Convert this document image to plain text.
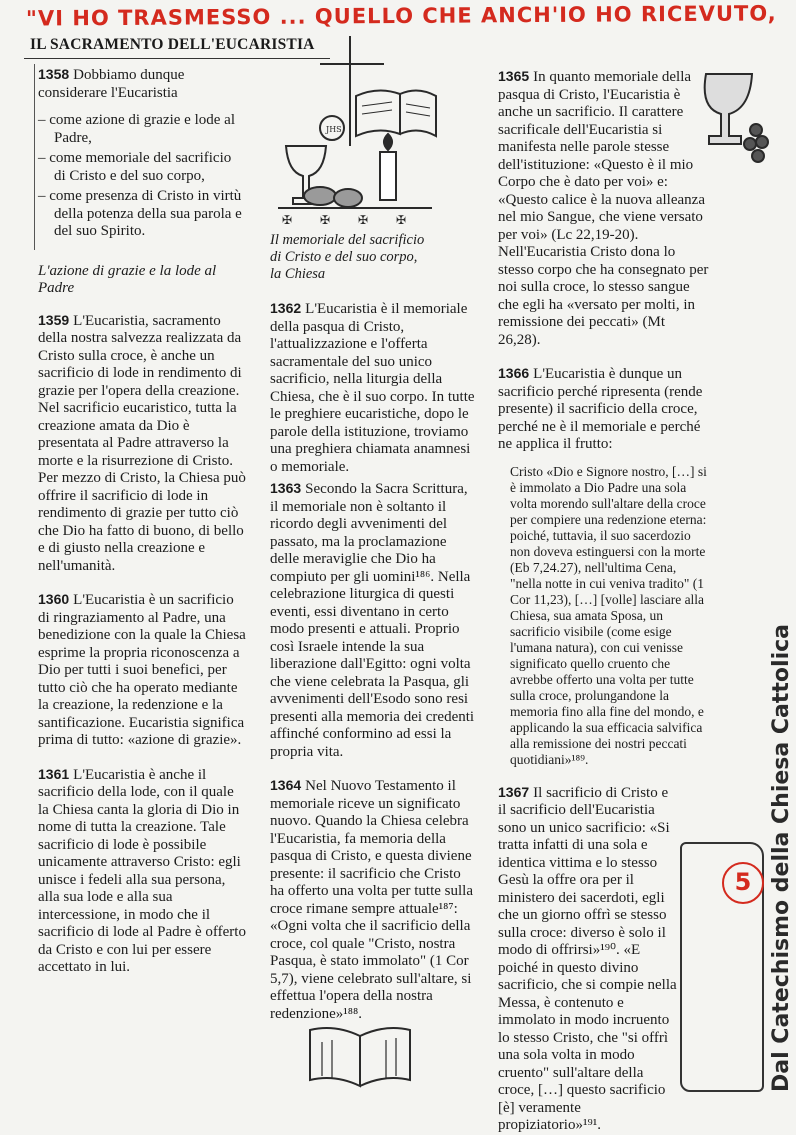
"VI HO TRASMESSO ... QUELLO CHE ANCH'IO HO RICEVUTO,
IL SACRAMENTO DELL'EUCARISTIA
JHS
✠ ✠ ✠ ✠
Il memoriale del sacrificio
di Cristo e del suo corpo,
la Chiesa

1358 Dobbiamo dunque considerare l'Eucaristia

– come azione di grazie e lode al Padre,
– come memoriale del sacrificio di Cristo e del suo corpo,
– come presenza di Cristo in virtù della potenza della sua parola e del suo Spirito.

L'azione di grazie e la lode al Padre

1359 L'Eucaristia, sacramento della nostra salvezza realizzata da Cristo sulla croce, è anche un sacrificio di lode in rendimento di grazie per l'opera della creazione. Nel sacrificio eucaristico, tutta la creazione amata da Dio è presentata al Padre attraverso la morte e la risurrezione di Cristo. Per mezzo di Cristo, la Chiesa può offrire il sacrificio di lode in rendimento di grazie per tutto ciò che Dio ha fatto di buono, di bello e di giusto nella creazione e nell'umanità.

1360 L'Eucaristia è un sacrificio di ringraziamento al Padre, una benedizione con la quale la Chiesa esprime la propria riconoscenza a Dio per tutti i suoi benefici, per tutto ciò che ha operato mediante la creazione, la redenzione e la santificazione. Eucaristia significa prima di tutto: «azione di grazie».

1361 L'Eucaristia è anche il sacrificio della lode, con il quale la Chiesa canta la gloria di Dio in nome di tutta la creazione. Tale sacrificio di lode è possibile unicamente attraverso Cristo: egli unisce i fedeli alla sua persona, alla sua lode e alla sua intercessione, in modo che il sacrificio di lode al Padre è offerto da Cristo e con lui per essere accettato in lui.

1362 L'Eucaristia è il memoriale della pasqua di Cristo, l'attualizzazione e l'offerta sacramentale del suo unico sacrificio, nella liturgia della Chiesa, che è il suo corpo. In tutte le preghiere eucaristiche, dopo le parole della istituzione, troviamo una preghiera chiamata anamnesi o memoriale.

1363 Secondo la Sacra Scrittura, il memoriale non è soltanto il ricordo degli avvenimenti del passato, ma la proclamazione delle meraviglie che Dio ha compiuto per gli uomini¹⁸⁶. Nella celebrazione liturgica di questi eventi, essi diventano in certo modo presenti e attuali. Proprio così Israele intende la sua liberazione dall'Egitto: ogni volta che viene celebrata la Pasqua, gli avvenimenti dell'Esodo sono resi presenti alla memoria dei credenti affinché conformino ad essi la propria vita.

1364 Nel Nuovo Testamento il memoriale riceve un significato nuovo. Quando la Chiesa celebra l'Eucaristia, fa memoria della pasqua di Cristo, e questa diviene presente: il sacrificio che Cristo ha offerto una volta per tutte sulla croce rimane sempre attuale¹⁸⁷: «Ogni volta che il sacrificio della croce, col quale "Cristo, nostra Pasqua, è stato immolato" (1 Cor 5,7), viene celebrato sull'altare, si effettua l'opera della nostra redenzione»¹⁸⁸.

1365 In quanto memoriale della pasqua di Cristo, l'Eucaristia è anche un sacrificio. Il carattere sacrificale dell'Eucaristia si manifesta nelle parole stesse dell'istituzione: «Questo è il mio Corpo che è dato per voi» e: «Questo calice è la nuova alleanza nel mio Sangue, che viene versato per voi» (Lc 22,19-20). Nell'Eucaristia Cristo dona lo stesso corpo che ha consegnato per noi sulla croce, lo stesso sangue che egli ha «versato per molti, in remissione dei peccati» (Mt 26,28).

1366 L'Eucaristia è dunque un sacrificio perché ripresenta (rende presente) il sacrificio della croce, perché ne è il memoriale e perché ne applica il frutto:

Cristo «Dio e Signore nostro, […] si è immolato a Dio Padre una sola volta morendo sull'altare della croce per compiere una redenzione eterna: poiché, tuttavia, il suo sacerdozio non doveva estinguersi con la morte (Eb 7,24.27), nell'ultima Cena, "nella notte in cui veniva tradito" (1 Cor 11,23), […] [volle] lasciare alla Chiesa, sua amata Sposa, un sacrificio visibile (come esige l'umana natura), con cui venisse significato quello cruento che avrebbe offerto una volta per tutte sulla croce, prolungandone la memoria fino alla fine del mondo, e applicando la sua efficacia salvifica alla remissione dei nostri peccati quotidiani»¹⁸⁹.

1367 Il sacrificio di Cristo e il sacrificio dell'Eucaristia sono un unico sacrificio: «Si tratta infatti di una sola e identica vittima e lo stesso Gesù la offre ora per il ministero dei sacerdoti, egli che un giorno offrì se stesso sulla croce: diverso è solo il modo di offrirsi»¹⁹⁰. «E poiché in questo divino sacrificio, che si compie nella Messa, è contenuto e immolato in modo incruento lo stesso Cristo, che "si offrì una sola volta in modo cruento" sull'altare della croce, […] questo sacrificio [è] veramente propiziatorio»¹⁹¹.

Dal Catechismo della Chiesa Cattolica
5
